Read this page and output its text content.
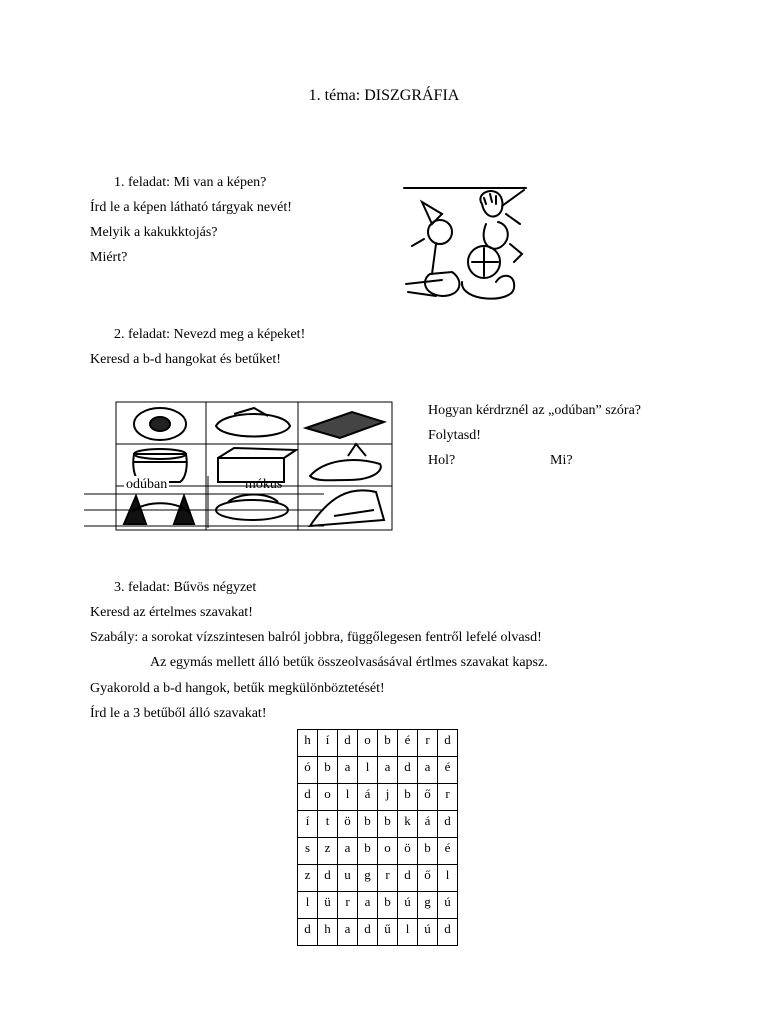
1. téma: DISZGRÁFIA
1. feladat: Mi van a képen?
Írd le a képen látható tárgyak nevét!
Melyik a kakukktojás?
Miért?
2. feladat: Nevezd meg a képeket!
Keresd a b-d hangokat és betűket!
Hogyan kérdrznél az „odúban” szóra?
Folytasd!
Hol?	Mi?
odúban	mókus
3. feladat: Bűvös négyzet
Keresd az értelmes szavakat!
Szabály: a sorokat vízszintesen balról jobbra, függőlegesen fentről lefelé olvasd!
Az egymás mellett álló betűk összeolvasásával értlmes szavakat kapsz.
Gyakorold a b-d hangok, betűk megkülönböztetését!
Írd le a 3 betűből álló szavakat!
h	í	d	o	b	é	r	d
ó	b	a	l	a	d	a	é
d	o	l	á	j	b	ő	r
í	t	ö	b	b	k	á	d
s	z	a	b	o	ö	b	é
z	d	u	g	r	d	ő	l
l	ü	r	a	b	ú	g	ú
d	h	a	d	ű	l	ú	d
